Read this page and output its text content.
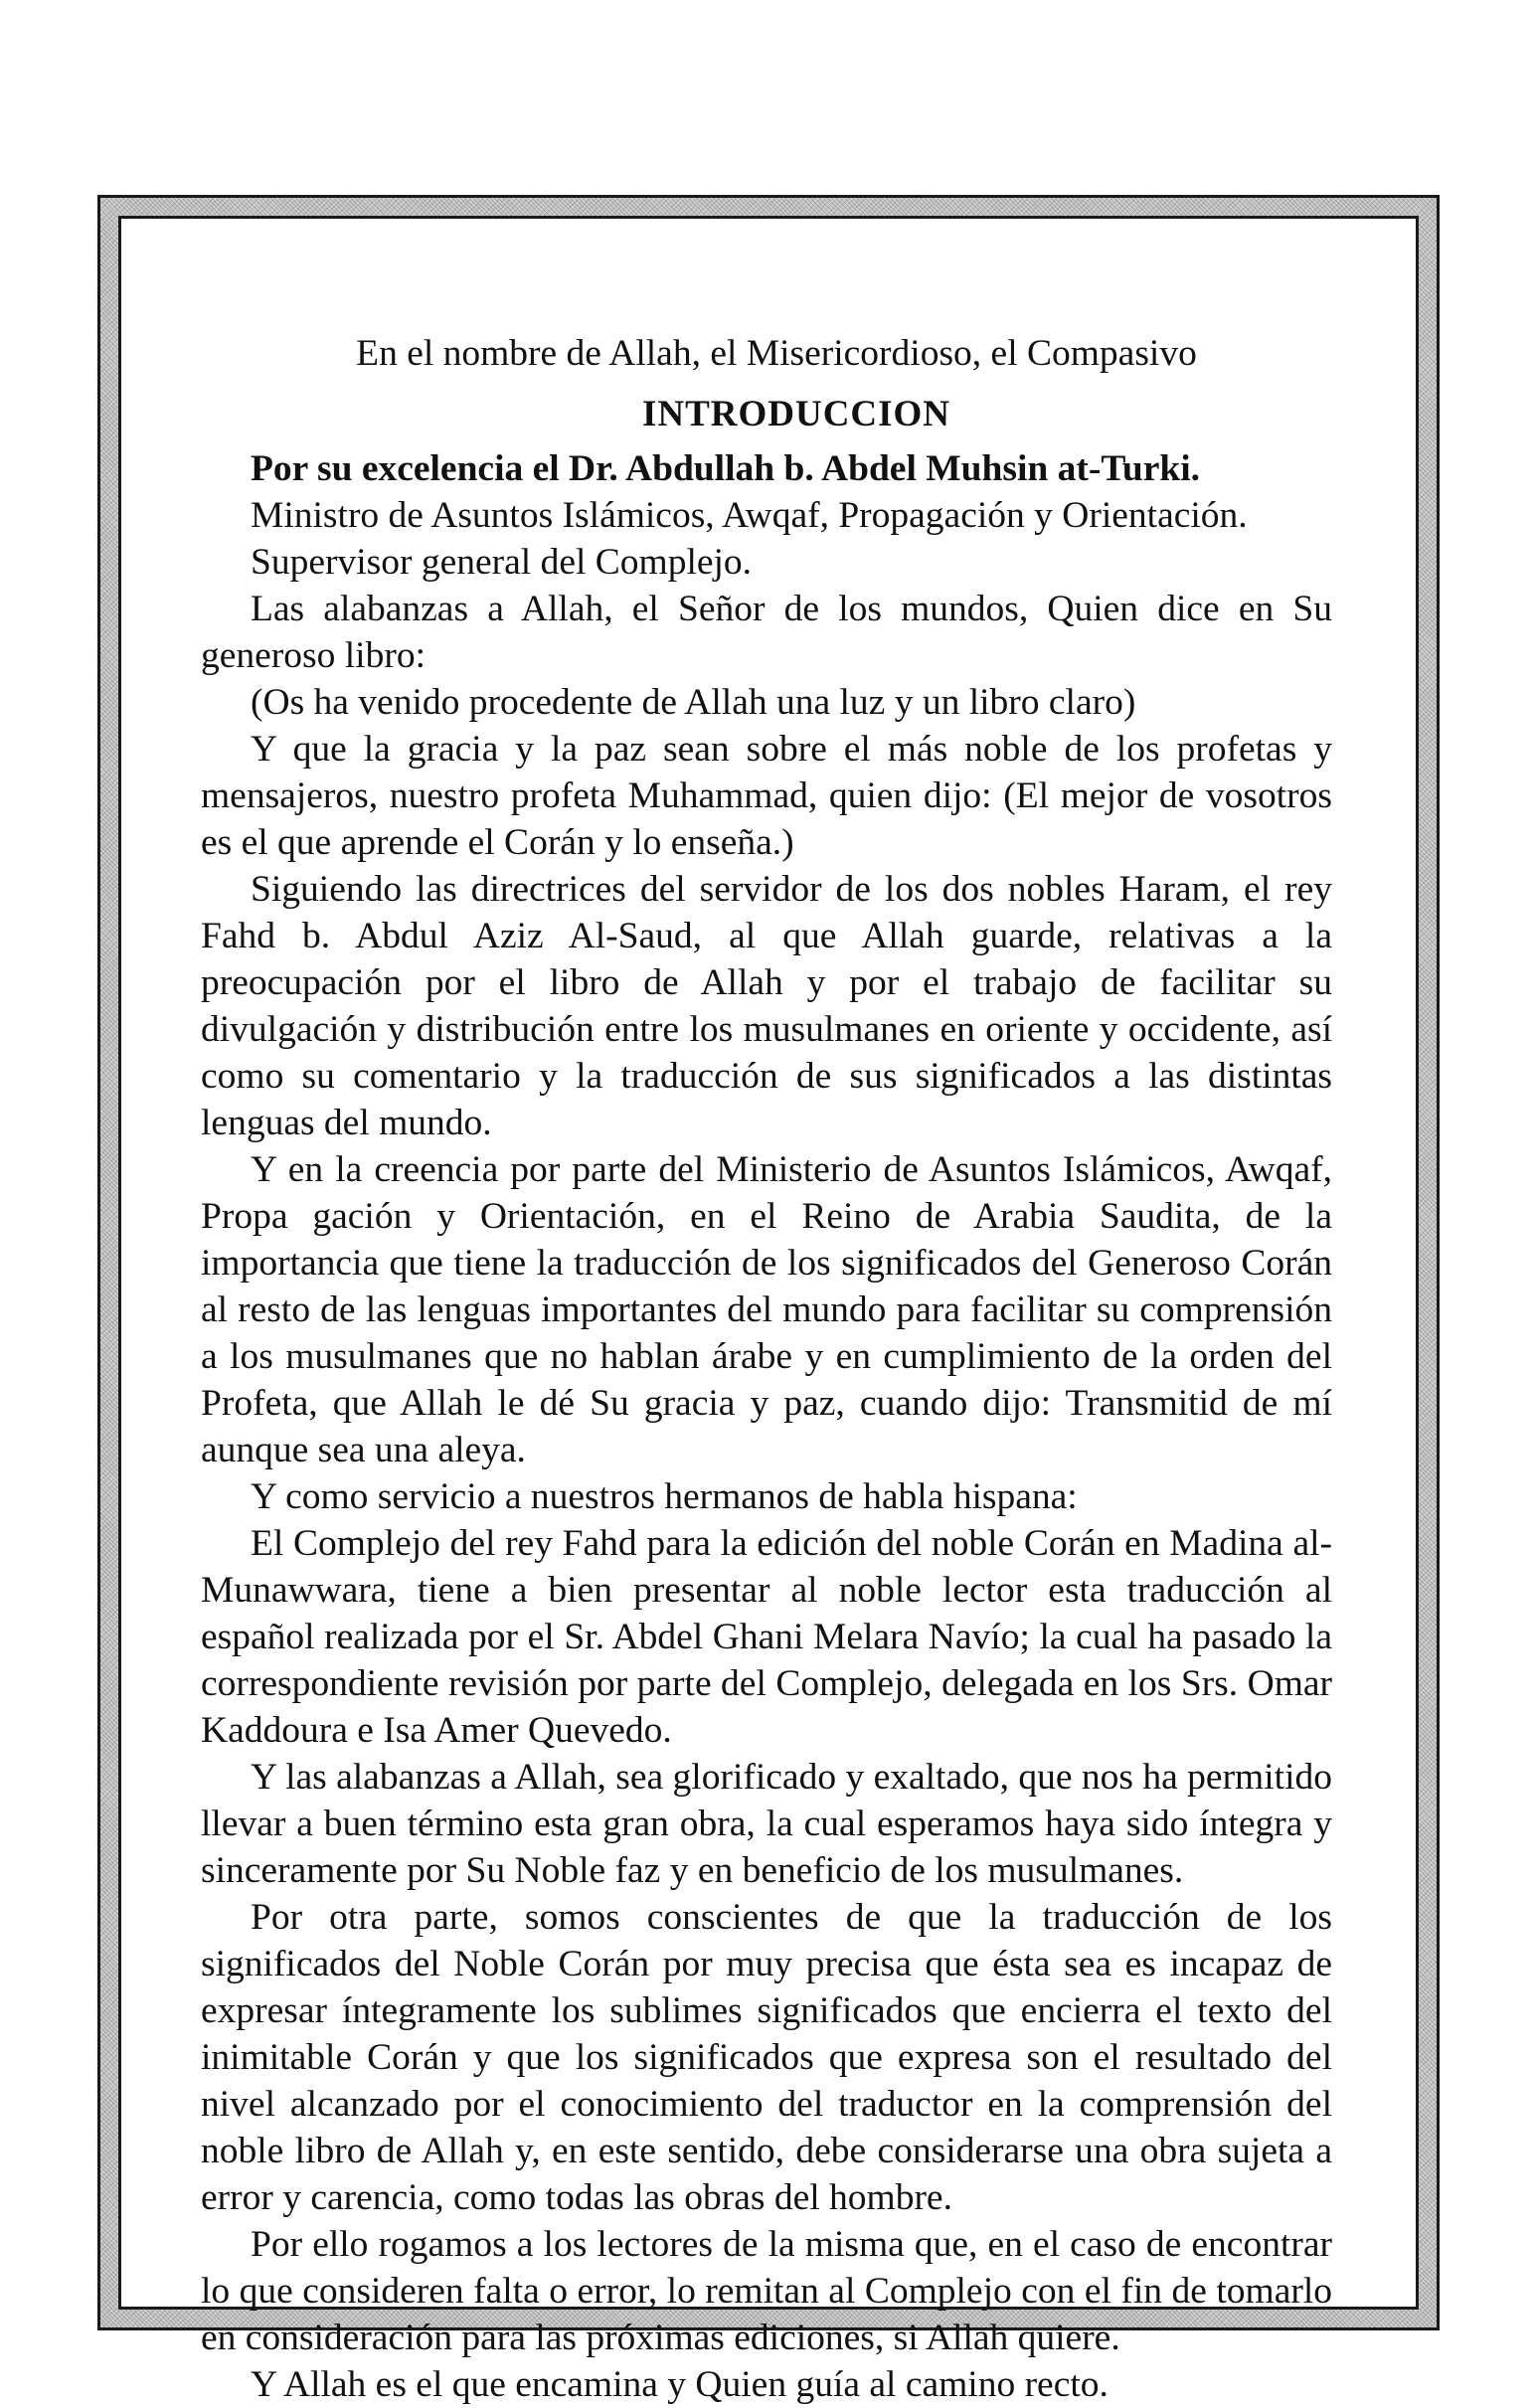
En el nombre de Allah, el Misericordioso, el Compasivo

INTRODUCCION

Por su excelencia el Dr. Abdullah b. Abdel Muhsin at-Turki.

Ministro de Asuntos Islámicos, Awqaf, Propagación y Orientación.

Supervisor general del Complejo.

Las alabanzas a Allah, el Señor de los mundos, Quien dice en Su generoso libro:

(Os ha venido procedente de Allah una luz y un libro claro)

Y que la gracia y la paz sean sobre el más noble de los profetas y mensajeros, nuestro profeta Muhammad, quien dijo: (El mejor de vosotros es el que aprende el Corán y lo enseña.)

Siguiendo las directrices del servidor de los dos nobles Haram, el rey Fahd b. Abdul Aziz Al-Saud, al que Allah guarde, relativas a la preocupación por el libro de Allah y por el trabajo de facilitar su divulgación y distribución entre los musulmanes en oriente y occidente, así como su comentario y la traducción de sus significados a las distintas lenguas del mundo.

Y en la creencia por parte del Ministerio de Asuntos Islámicos, Awqaf, Propa gación y Orientación, en el Reino de Arabia Saudita, de la importancia que tiene la traducción de los significados del Generoso Corán al resto de las lenguas importantes del mundo para facilitar su comprensión a los musulmanes que no hablan árabe y en cumplimiento de la orden del Profeta, que Allah le dé Su gracia y paz, cuando dijo: Transmitid de mí aunque sea una aleya.

Y como servicio a nuestros hermanos de habla hispana:

El Complejo del rey Fahd para la edición del noble Corán en Madina al-Munawwara, tiene a bien presentar al noble lector esta traducción al español realizada por el Sr. Abdel Ghani Melara Navío; la cual ha pasado la correspondiente revisión por parte del Complejo, delegada en los Srs. Omar Kaddoura e Isa Amer Quevedo.

Y las alabanzas a Allah, sea glorificado y exaltado, que nos ha permitido llevar a buen término esta gran obra, la cual esperamos haya sido íntegra y sinceramente por Su Noble faz y en beneficio de los musulmanes.

Por otra parte, somos conscientes de que la traducción de los significados del Noble Corán por muy precisa que ésta sea es incapaz de expresar íntegramente los sublimes significados que encierra el texto del inimitable Corán y que los significados que expresa son el resultado del nivel alcanzado por el conocimiento del traductor en la comprensión del noble libro de Allah y, en este sentido, debe considerarse una obra sujeta a error y carencia, como todas las obras del hombre.

Por ello rogamos a los lectores de la misma que, en el caso de encontrar lo que consideren falta o error, lo remitan al Complejo con el fin de tomarlo en consideración para las próximas ediciones, si Allah quiere.

Y Allah es el que encamina y Quien guía al camino recto.
